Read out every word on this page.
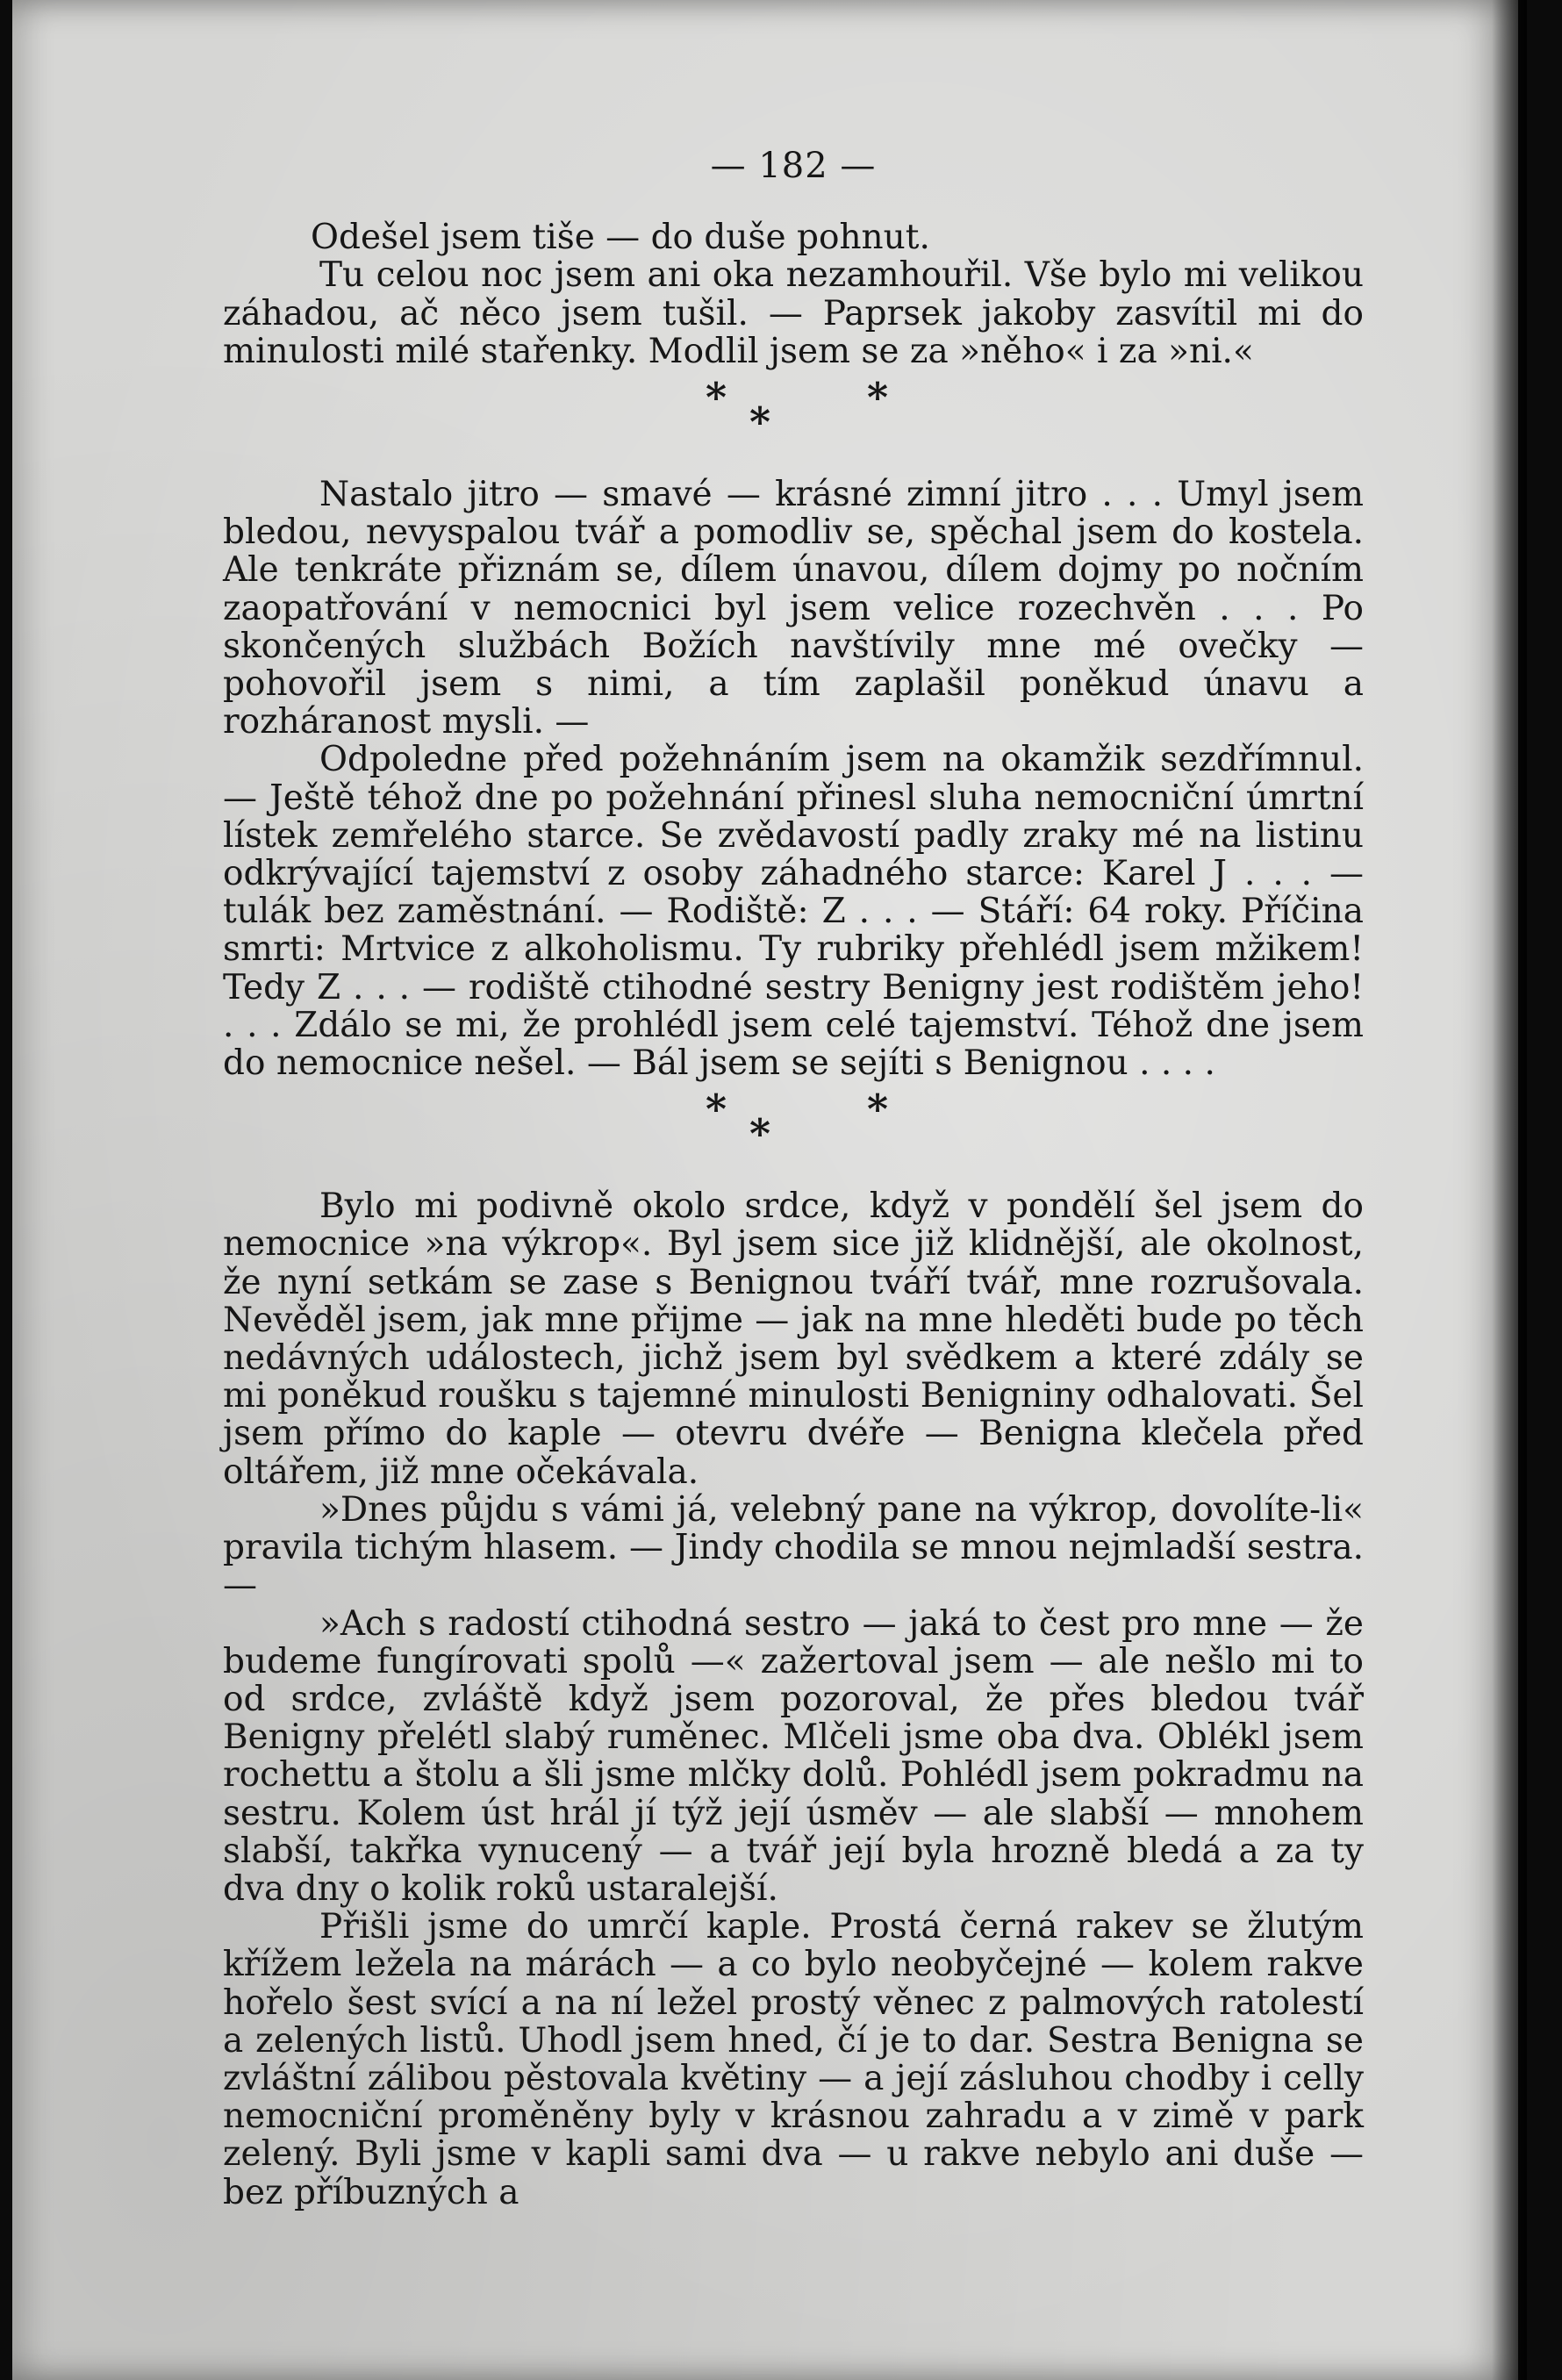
— 182 —

Odešel jsem tiše — do duše pohnut.

Tu celou noc jsem ani oka nezamhouřil. Vše bylo mi velikou záhadou, ač něco jsem tušil. — Paprsek jakoby zasvítil mi do minulosti milé stařenky. Modlil jsem se za »něho« i za »ni.«

*
*
*

Nastalo jitro — smavé — krásné zimní jitro . . . Umyl jsem bledou, nevyspalou tvář a pomodliv se, spěchal jsem do kostela. Ale tenkráte přiznám se, dílem únavou, dílem dojmy po nočním zaopatřování v nemocnici byl jsem velice rozechvěn . . . Po skončených službách Božích navštívily mne mé ovečky — pohovořil jsem s nimi, a tím zaplašil poněkud únavu a rozháranost mysli. —

Odpoledne před požehnáním jsem na okamžik sezdřímnul. — Ještě téhož dne po požehnání přinesl sluha nemocniční úmrtní lístek zemřelého starce. Se zvědavostí padly zraky mé na listinu odkrývající tajemství z osoby záhadného starce: Karel J . . . — tulák bez zaměstnání. — Rodiště: Z . . . — Stáří: 64 roky. Příčina smrti: Mrtvice z alkoholismu. Ty rubriky přehlédl jsem mžikem! Tedy Z . . . — rodiště ctihodné sestry Benigny jest rodištěm jeho! . . . Zdálo se mi, že prohlédl jsem celé tajemství. Téhož dne jsem do nemocnice nešel. — Bál jsem se sejíti s Benignou . . . .

*
*
*

Bylo mi podivně okolo srdce, když v pondělí šel jsem do nemocnice »na výkrop«. Byl jsem sice již klidnější, ale okolnost, že nyní setkám se zase s Benignou tváří tvář, mne rozrušovala. Nevěděl jsem, jak mne přijme — jak na mne hleděti bude po těch nedávných událostech, jichž jsem byl svědkem a které zdály se mi poněkud roušku s tajemné minulosti Benigniny odhalovati. Šel jsem přímo do kaple — otevru dvéře — Benigna klečela před oltářem, již mne očekávala.

»Dnes půjdu s vámi já, velebný pane na výkrop, dovolíte-li« pravila tichým hlasem. — Jindy chodila se mnou nejmladší sestra. —

»Ach s radostí ctihodná sestro — jaká to čest pro mne — že budeme fungírovati spolů —« zažertoval jsem — ale nešlo mi to od srdce, zvláště když jsem pozoroval, že přes bledou tvář Benigny přelétl slabý ruměnec. Mlčeli jsme oba dva. Oblékl jsem rochettu a štolu a šli jsme mlčky dolů. Pohlédl jsem pokradmu na sestru. Kolem úst hrál jí týž její úsměv — ale slabší — mnohem slabší, takřka vynucený — a tvář její byla hrozně bledá a za ty dva dny o kolik roků ustaralejší.

Přišli jsme do umrčí kaple. Prostá černá rakev se žlutým křížem ležela na márách — a co bylo neobyčejné — kolem rakve hořelo šest svící a na ní ležel prostý věnec z palmových ratolestí a zelených listů. Uhodl jsem hned, čí je to dar. Sestra Benigna se zvláštní zálibou pěstovala květiny — a její zásluhou chodby i celly nemocniční proměněny byly v krásnou zahradu a v zimě v park zelený. Byli jsme v kapli sami dva — u rakve nebylo ani duše — bez příbuzných a
